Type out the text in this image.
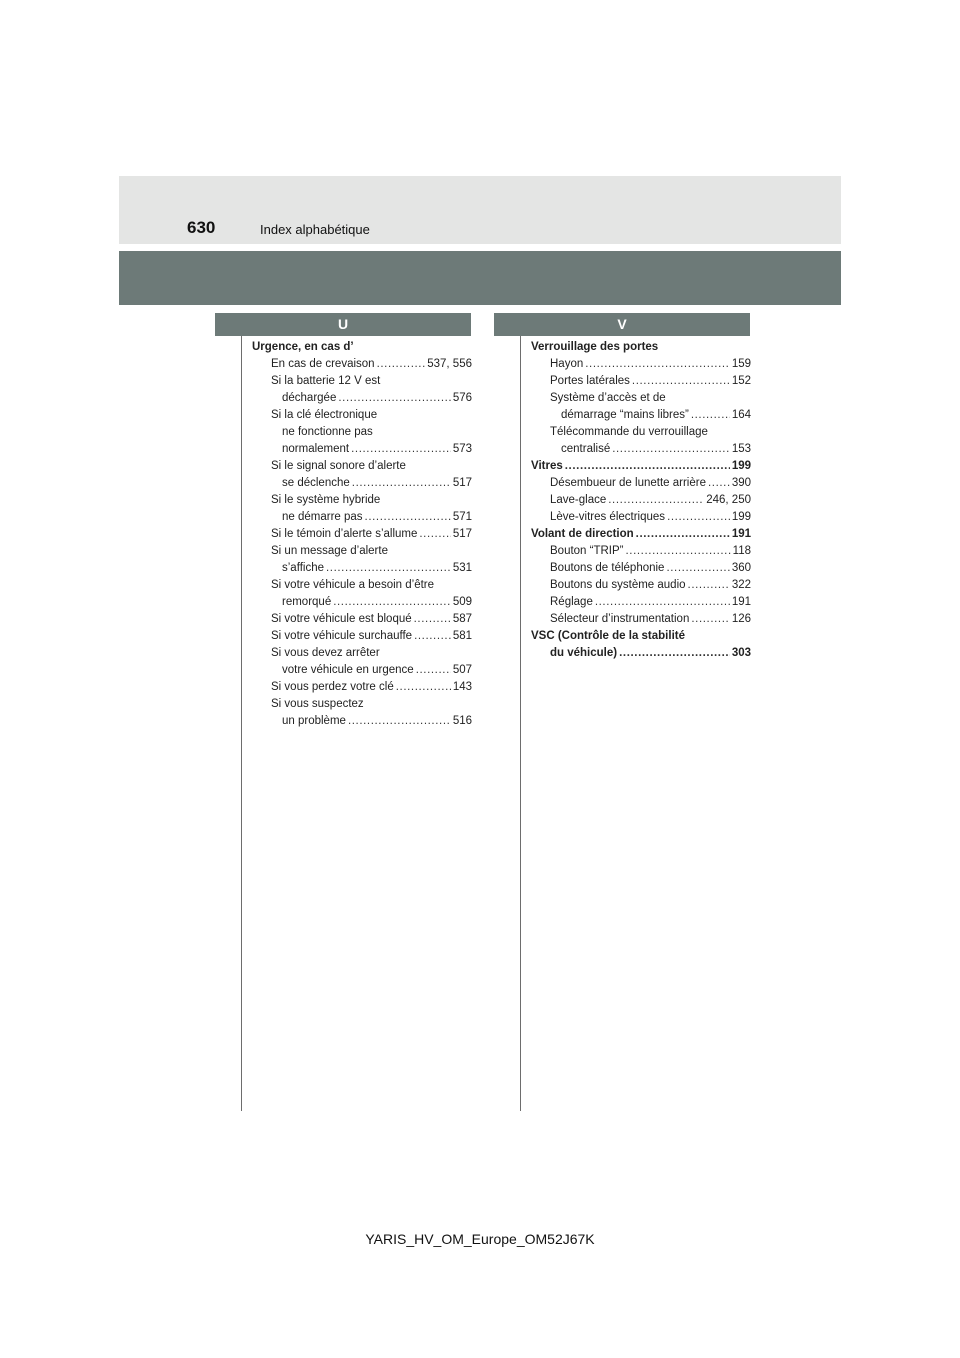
630	Index alphabétique
U	V
Urgence, en cas d’
En cas de crevaison .....	537, 556
Si la batterie 12 V est
déchargée .....	576
Si la clé électronique
ne fonctionne pas
normalement .....	573
Si le signal sonore d’alerte
se déclenche .....	517
Si le système hybride
ne démarre pas .....	571
Si le témoin d’alerte s’allume .....	517
Si un message d’alerte
s’affiche .....	531
Si votre véhicule a besoin d’être
remorqué .....	509
Si votre véhicule est bloqué .....	587
Si votre véhicule surchauffe .....	581
Si vous devez arrêter
votre véhicule en urgence .....	507
Si vous perdez votre clé .....	143
Si vous suspectez
un problème .....	516
Verrouillage des portes
Hayon .....	159
Portes latérales .....	152
Système d’accès et de
démarrage “mains libres” .....	164
Télécommande du verrouillage
centralisé .....	153
Vitres .....	199
Désembueur de lunette arrière ..... 390
Lave-glace .....	246, 250
Lève-vitres électriques .....	199
Volant de direction .....	191
Bouton “TRIP” .....	118
Boutons de téléphonie .....	360
Boutons du système audio .....	322
Réglage .....	191
Sélecteur d’instrumentation .....	126
VSC (Contrôle de la stabilité
du véhicule) .....	303
YARIS_HV_OM_Europe_OM52J67K
